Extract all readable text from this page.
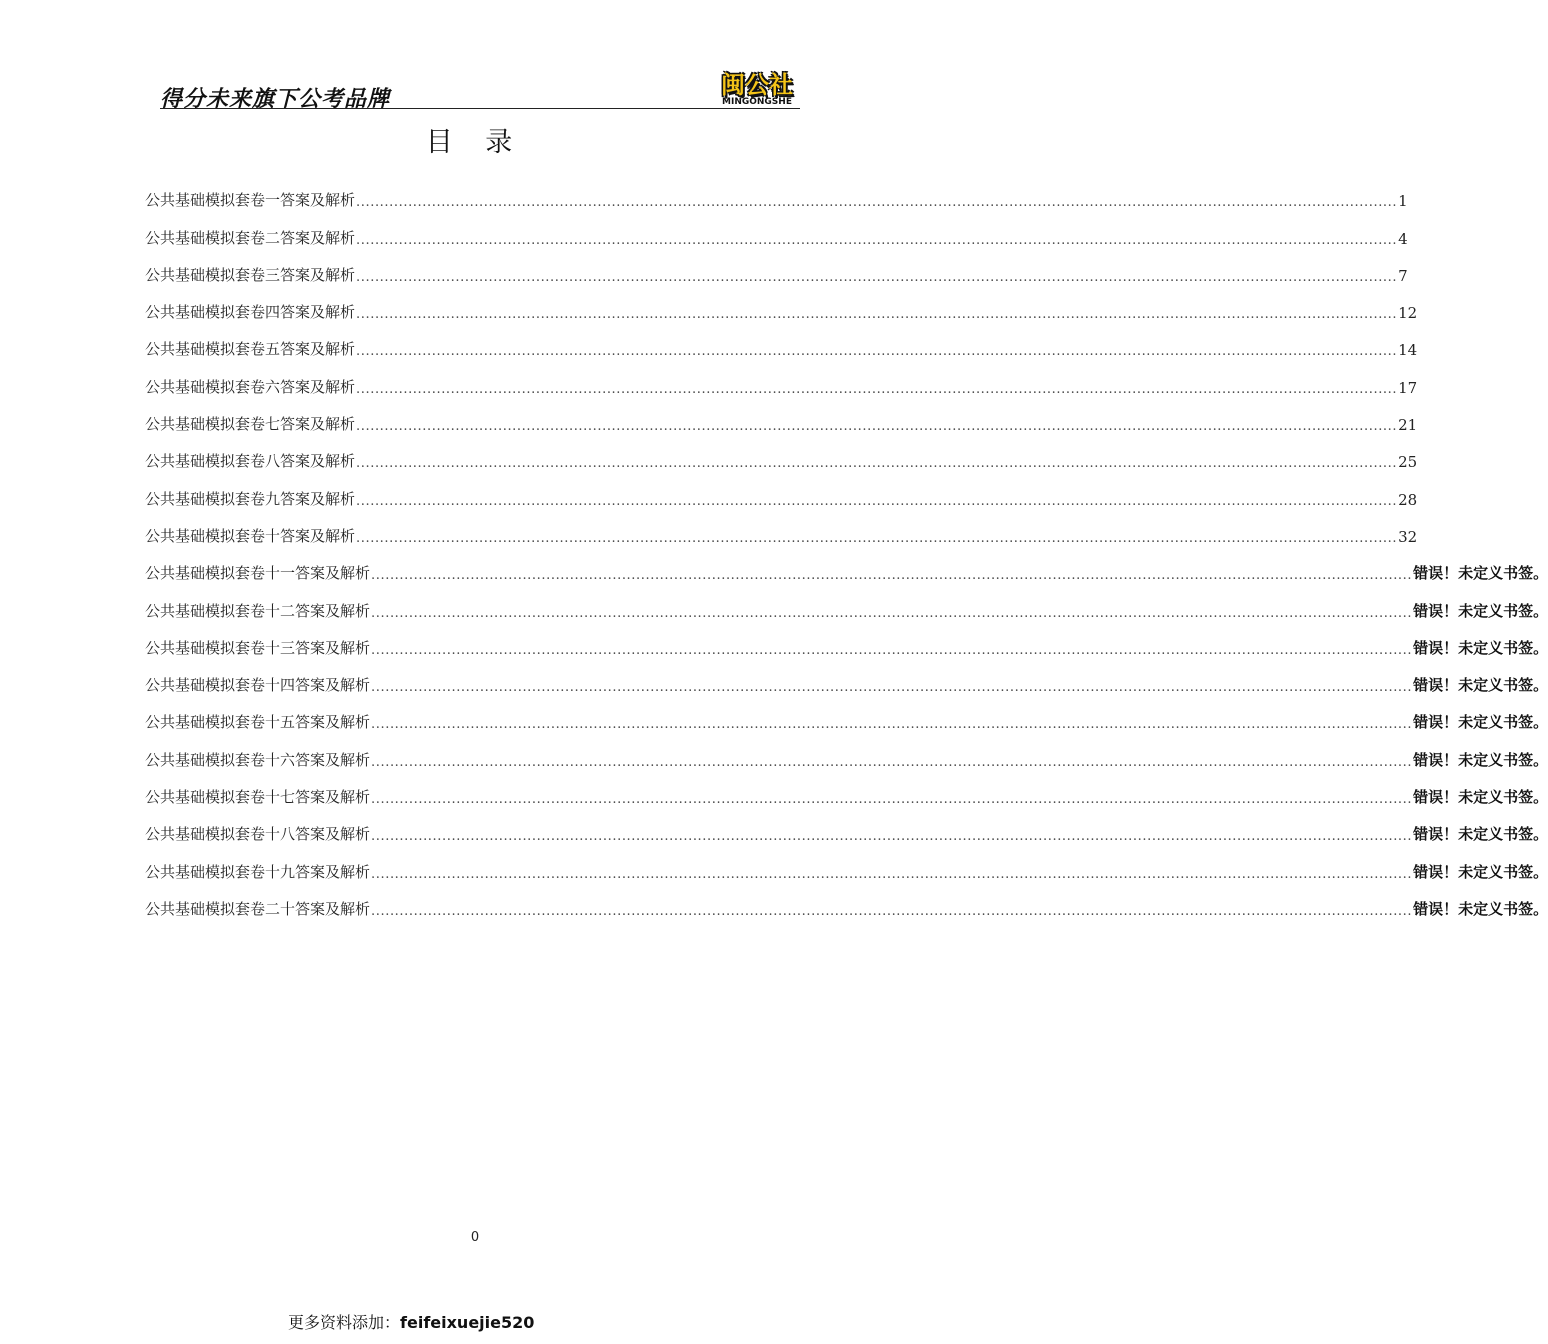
得分未来旗下公考品牌
闽公社
MINGONGSHE
目 录
公共基础模拟套卷一答案及解析 ............................................................................................................................................................................................................................ 1
公共基础模拟套卷二答案及解析 ............................................................................................................................................................................................................................ 4
公共基础模拟套卷三答案及解析 ............................................................................................................................................................................................................................ 7
公共基础模拟套卷四答案及解析 ............................................................................................................................................................................................................................ 12
公共基础模拟套卷五答案及解析 ............................................................................................................................................................................................................................ 14
公共基础模拟套卷六答案及解析 ............................................................................................................................................................................................................................ 17
公共基础模拟套卷七答案及解析 ............................................................................................................................................................................................................................ 21
公共基础模拟套卷八答案及解析 ............................................................................................................................................................................................................................ 25
公共基础模拟套卷九答案及解析 ............................................................................................................................................................................................................................ 28
公共基础模拟套卷十答案及解析 ............................................................................................................................................................................................................................ 32
公共基础模拟套卷十一答案及解析 ............................................................................................................................................................................................................................ 错误！未定义书签。
公共基础模拟套卷十二答案及解析 ............................................................................................................................................................................................................................ 错误！未定义书签。
公共基础模拟套卷十三答案及解析 ............................................................................................................................................................................................................................ 错误！未定义书签。
公共基础模拟套卷十四答案及解析 ............................................................................................................................................................................................................................ 错误！未定义书签。
公共基础模拟套卷十五答案及解析 ............................................................................................................................................................................................................................ 错误！未定义书签。
公共基础模拟套卷十六答案及解析 ............................................................................................................................................................................................................................ 错误！未定义书签。
公共基础模拟套卷十七答案及解析 ............................................................................................................................................................................................................................ 错误！未定义书签。
公共基础模拟套卷十八答案及解析 ............................................................................................................................................................................................................................ 错误！未定义书签。
公共基础模拟套卷十九答案及解析 ............................................................................................................................................................................................................................ 错误！未定义书签。
公共基础模拟套卷二十答案及解析 ............................................................................................................................................................................................................................ 错误！未定义书签。
0
更多资料添加：feifeixuejie520
